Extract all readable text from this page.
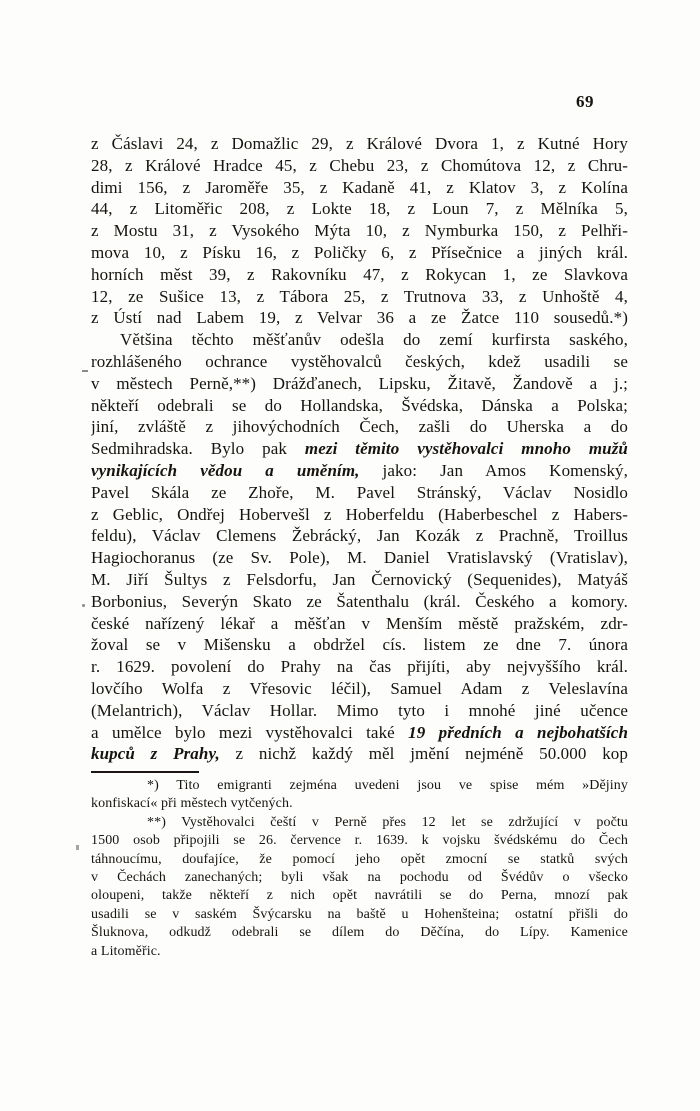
69
z Čáslavi 24, z Domažlic 29, z Králové Dvora 1, z Kutné Hory
28, z Králové Hradce 45, z Chebu 23, z Chomútova 12, z Chru-
dimi 156, z Jaroměře 35, z Kadaně 41, z Klatov 3, z Kolína
44, z Litoměřic 208, z Lokte 18, z Loun 7, z Mělníka 5,
z Mostu 31, z Vysokého Mýta 10, z Nymburka 150, z Pelhři-
mova 10, z Písku 16, z Poličky 6, z Přísečnice a jiných král.
horních měst 39, z Rakovníku 47, z Rokycan 1, ze Slavkova
12, ze Sušice 13, z Tábora 25, z Trutnova 33, z Unhoště 4,
z Ústí nad Labem 19, z Velvar 36 a ze Žatce 110 sousedů.*)
Většina těchto měšťanův odešla do zemí kurfirsta saského,
rozhlášeného ochrance vystěhovalců českých, kdež usadili se
v městech Perně,**) Drážďanech, Lipsku, Žitavě, Žandově a j.;
někteří odebrali se do Hollandska, Švédska, Dánska a Polska;
jiní, zvláště z jihovýchodních Čech, zašli do Uherska a do
Sedmihradska. Bylo pak mezi těmito vystěhovalci mnoho mužů
vynikajících vědou a uměním, jako: Jan Amos Komenský,
Pavel Skála ze Zhoře, M. Pavel Stránský, Václav Nosidlo
z Geblic, Ondřej Hobervešl z Hoberfeldu (Haberbeschel z Habers-
feldu), Václav Clemens Žebrácký, Jan Kozák z Prachně, Troillus
Hagiochoranus (ze Sv. Pole), M. Daniel Vratislavský (Vratislav),
M. Jiří Šultys z Felsdorfu, Jan Černovický (Sequenides), Matyáš
Borbonius, Severýn Skato ze Šatenthalu (král. Českého a komory.
české nařízený lékař a měšťan v Menším městě pražském, zdr-
žoval se v Mišensku a obdržel cís. listem ze dne 7. února
r. 1629. povolení do Prahy na čas přijíti, aby nejvyššího král.
lovčího Wolfa z Vřesovic léčil), Samuel Adam z Veleslavína
(Melantrich), Václav Hollar. Mimo tyto i mnohé jiné učence
a umělce bylo mezi vystěhovalci také 19 předních a nejbohatších
kupců z Prahy, z nichž každý měl jmění nejméně 50.000 kop
*) Tito emigranti zejména uvedeni jsou ve spise mém »Dějiny
konfiskací« při městech vytčených.
**) Vystěhovalci čeští v Perně přes 12 let se zdržující v počtu
1500 osob připojili se 26. července r. 1639. k vojsku švédskému do Čech
táhnoucímu, doufajíce, že pomocí jeho opět zmocní se statků svých
v Čechách zanechaných; byli však na pochodu od Švédův o všecko
oloupeni, takže někteří z nich opět navrátili se do Perna, mnozí pak
usadili se v saském Švýcarsku na baště u Hohenšteina; ostatní přišli do
Šluknova, odkudž odebrali se dílem do Děčína, do Lípy. Kamenice
a Litoměřic.
